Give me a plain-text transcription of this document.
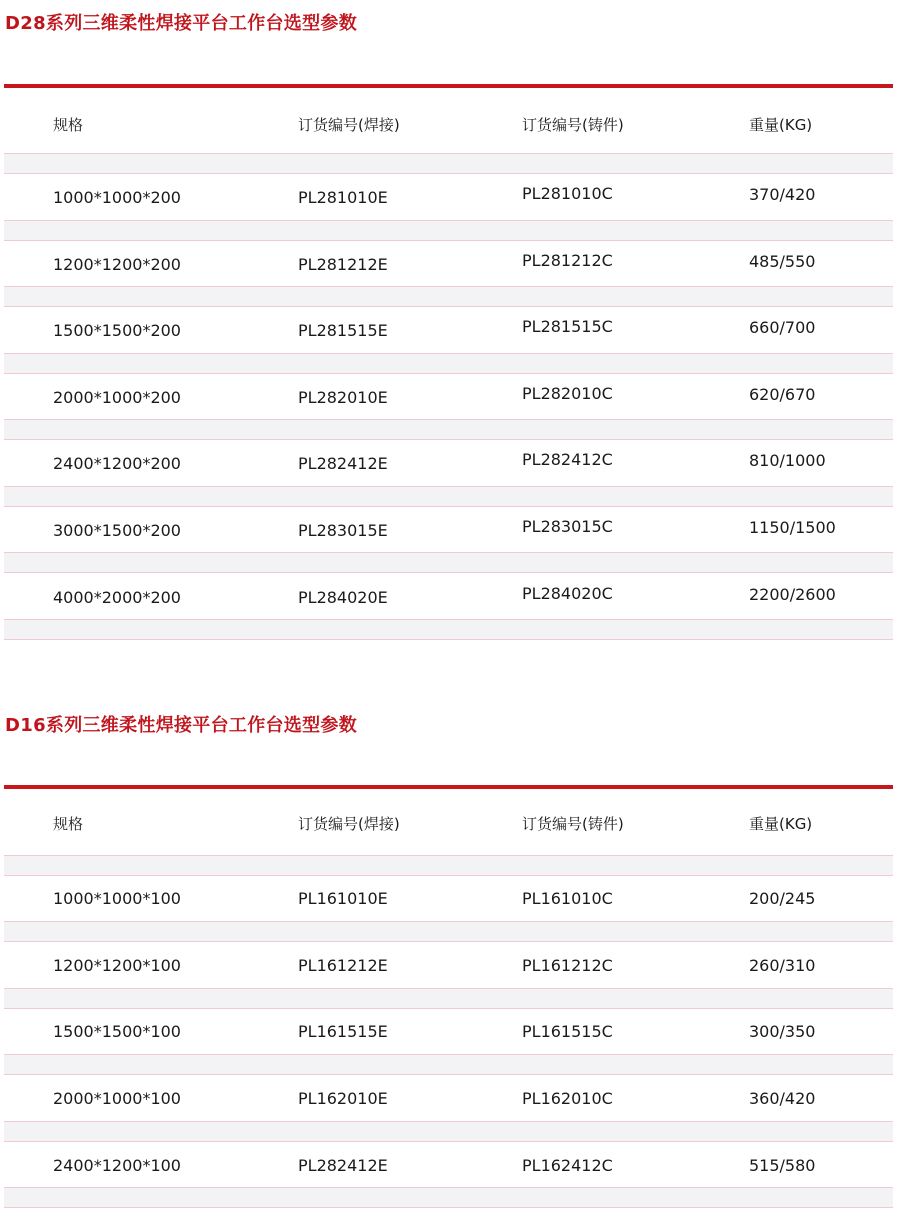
D28系列三维柔性焊接平台工作台选型参数
规格	订货编号(焊接)	订货编号(铸件)	重量(KG)
1000*1000*200	PL281010E	PL281010C	370/420
1200*1200*200	PL281212E	PL281212C	485/550
1500*1500*200	PL281515E	PL281515C	660/700
2000*1000*200	PL282010E	PL282010C	620/670
2400*1200*200	PL282412E	PL282412C	810/1000
3000*1500*200	PL283015E	PL283015C	1150/1500
4000*2000*200	PL284020E	PL284020C	2200/2600
D16系列三维柔性焊接平台工作台选型参数
规格	订货编号(焊接)	订货编号(铸件)	重量(KG)
1000*1000*100	PL161010E	PL161010C	200/245
1200*1200*100	PL161212E	PL161212C	260/310
1500*1500*100	PL161515E	PL161515C	300/350
2000*1000*100	PL162010E	PL162010C	360/420
2400*1200*100	PL282412E	PL162412C	515/580
